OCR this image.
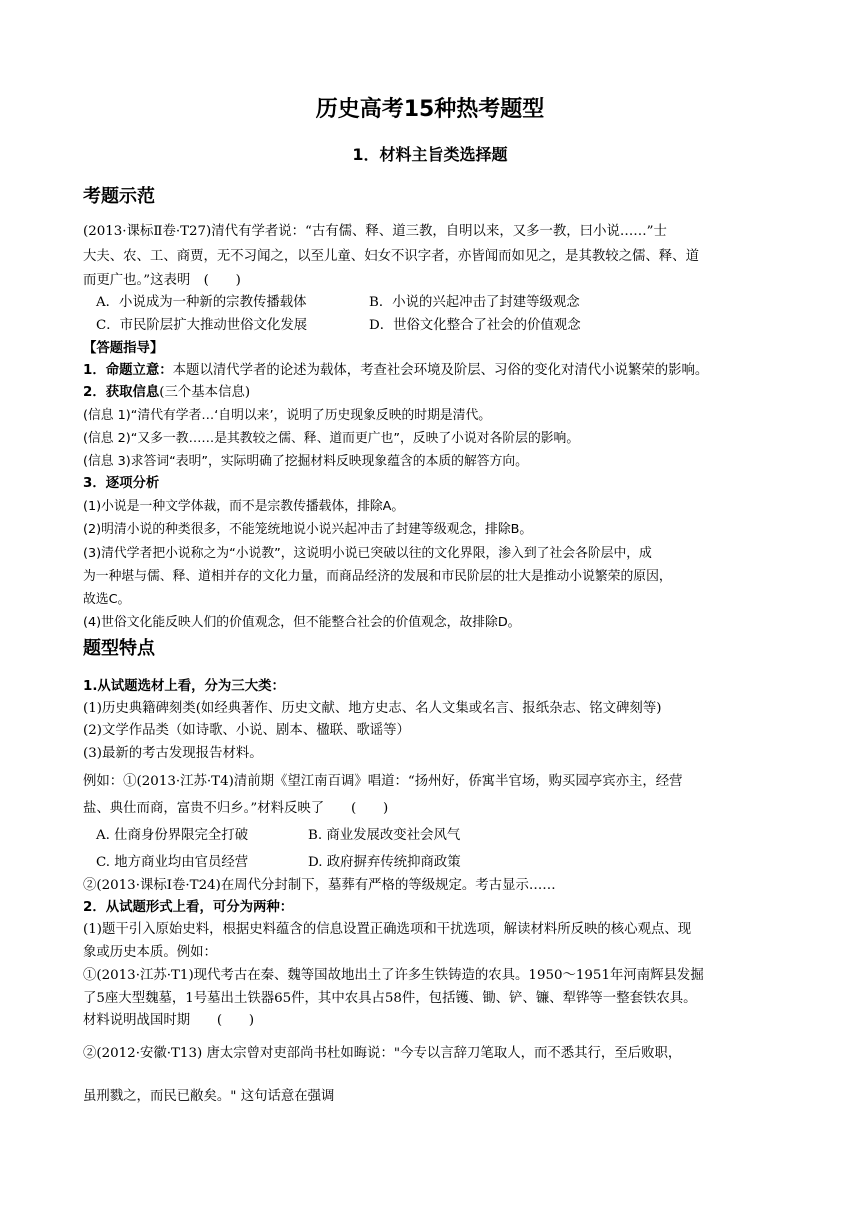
历史高考15种热考题型
1．材料主旨类选择题
考题示范
(2013·课标Ⅱ卷·T27)清代有学者说：“古有儒、释、道三教，自明以来，又多一教，曰小说……”士
大夫、农、工、商贾，无不习闻之，以至儿童、妇女不识字者，亦皆闻而如见之，是其教较之儒、释、道
而更广也。”这表明　(　　)
A．小说成为一种新的宗教传播载体	B．小说的兴起冲击了封建等级观念
C．市民阶层扩大推动世俗文化发展	D．世俗文化整合了社会的价值观念
【答题指导】
1．命题立意：本题以清代学者的论述为载体，考查社会环境及阶层、习俗的变化对清代小说繁荣的影响。
2．获取信息(三个基本信息)
(信息 1)“清代有学者…‘自明以来’，说明了历史现象反映的时期是清代。
(信息 2)“又多一教……是其教较之儒、释、道而更广也”，反映了小说对各阶层的影响。
(信息 3)求答词“表明”，实际明确了挖掘材料反映现象蕴含的本质的解答方向。
3．逐项分析
(1)小说是一种文学体裁，而不是宗教传播载体，排除A。
(2)明清小说的种类很多，不能笼统地说小说兴起冲击了封建等级观念，排除B。
(3)清代学者把小说称之为“小说教”，这说明小说已突破以往的文化界限，渗入到了社会各阶层中，成
为一种堪与儒、释、道相并存的文化力量，而商品经济的发展和市民阶层的壮大是推动小说繁荣的原因，
故选C。
(4)世俗文化能反映人们的价值观念，但不能整合社会的价值观念，故排除D。
题型特点
1.从试题选材上看，分为三大类：
(1)历史典籍碑刻类(如经典著作、历史文献、地方史志、名人文集或名言、报纸杂志、铭文碑刻等)
(2)文学作品类（如诗歌、小说、剧本、楹联、歌谣等）
(3)最新的考古发现报告材料。
例如：①(2013·江苏·T4)清前期《望江南百调》唱道：“扬州好，侨寓半官场，购买园亭宾亦主，经营
盐、典仕而商，富贵不归乡。”材料反映了　　(　　)
A. 仕商身份界限完全打破	B. 商业发展改变社会风气
C. 地方商业均由官员经营	D. 政府摒弃传统抑商政策
②(2013·课标Ⅰ卷·T24)在周代分封制下，墓葬有严格的等级规定。考古显示……
2．从试题形式上看，可分为两种：
(1)题干引入原始史料，根据史料蕴含的信息设置正确选项和干扰选项，解读材料所反映的核心观点、现
象或历史本质。例如：
①(2013·江苏·T1)现代考古在秦、魏等国故地出土了许多生铁铸造的农具。1950～1951年河南辉县发掘
了5座大型魏墓，1号墓出土铁器65件，其中农具占58件，包括镬、锄、铲、镰、犁铧等一整套铁农具。
材料说明战国时期　　(　　)
②(2012·安徽·T13) 唐太宗曾对吏部尚书杜如晦说："今专以言辞刀笔取人，而不悉其行，至后败职，
虽刑戮之，而民已敝矣。" 这句话意在强调
